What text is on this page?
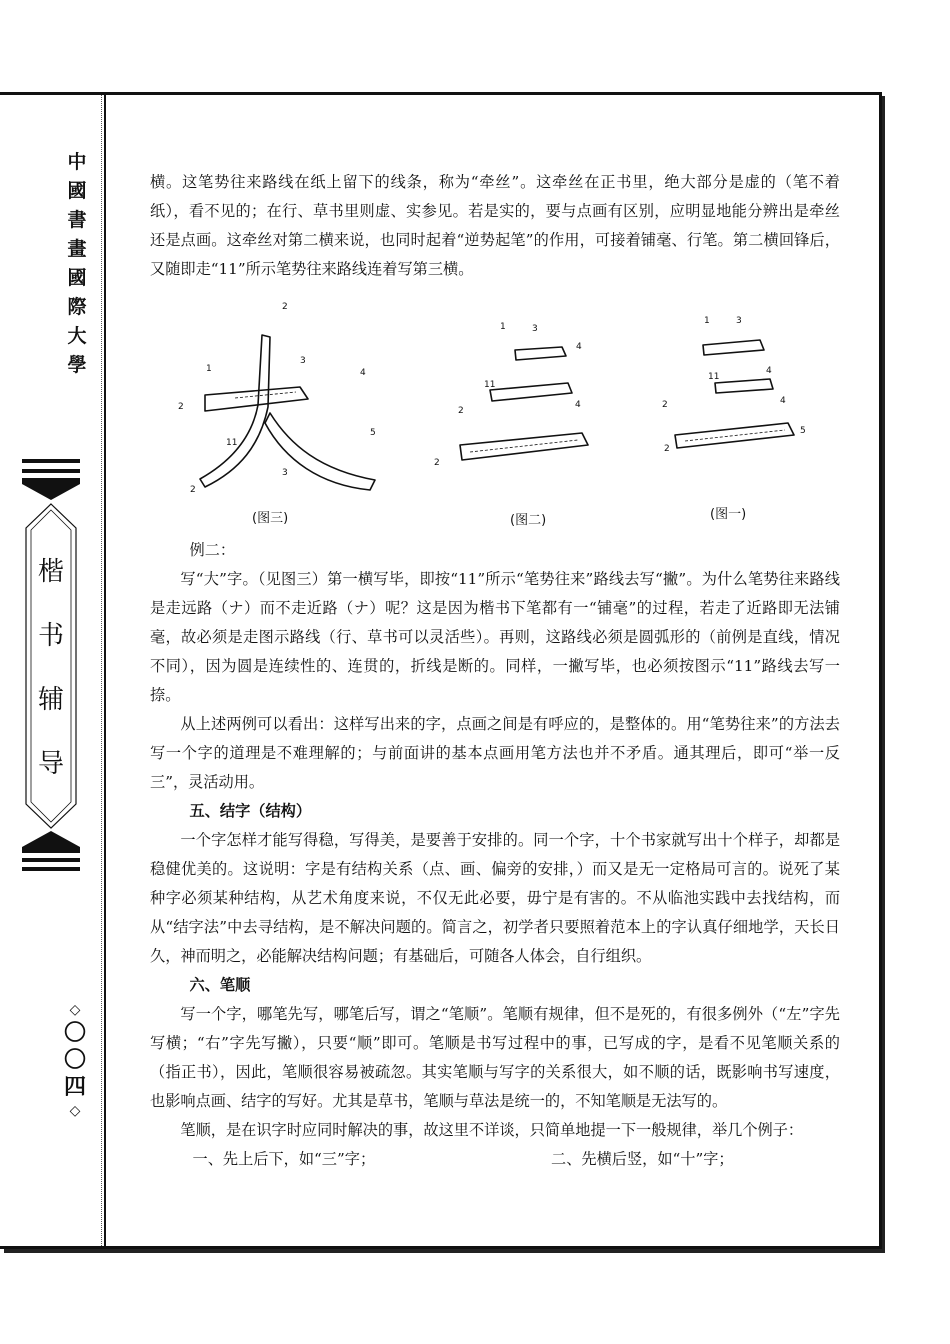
中
國
書
畫
國
際
大
學
楷
书
辅
导
◇
〇
〇
四
◇

横。这笔势往来路线在纸上留下的线条，称为“牵丝”。这牵丝在正书里，绝大部分是虚的（笔不着纸），看不见的；在行、草书里则虚、实参见。若是实的，要与点画有区别，应明显地能分辨出是牵丝还是点画。这牵丝对第二横来说，也同时起着“逆势起笔”的作用，可接着铺毫、行笔。第二横回锋后，又随即走“11”所示笔势往来路线连着写第三横。

2
1
2
3
4
5
11
2
3
1	3
4
11
2
4
2
1	3
4
11
2	4
5
2
(图三)	(图二)	(图一)

例二：

写“大”字。（见图三）第一横写毕，即按“11”所示“笔势往来”路线去写“撇”。为什么笔势往来路线是走远路（ナ）而不走近路（ナ）呢？这是因为楷书下笔都有一“铺毫”的过程，若走了近路即无法铺毫，故必须是走图示路线（行、草书可以灵活些）。再则，这路线必须是圆弧形的（前例是直线，情况不同），因为圆是连续性的、连贯的，折线是断的。同样，一撇写毕，也必须按图示“11”路线去写一捺。

从上述两例可以看出：这样写出来的字，点画之间是有呼应的，是整体的。用“笔势往来”的方法去写一个字的道理是不难理解的；与前面讲的基本点画用笔方法也并不矛盾。通其理后，即可“举一反三”，灵活动用。

五、结字（结构）

一个字怎样才能写得稳，写得美，是要善于安排的。同一个字，十个书家就写出十个样子，却都是稳健优美的。这说明：字是有结构关系（点、画、偏旁的安排，）而又是无一定格局可言的。说死了某种字必须某种结构，从艺术角度来说，不仅无此必要，毋宁是有害的。不从临池实践中去找结构，而从“结字法”中去寻结构，是不解决问题的。简言之，初学者只要照着范本上的字认真仔细地学，天长日久，神而明之，必能解决结构问题；有基础后，可随各人体会，自行组织。

六、笔顺

写一个字，哪笔先写，哪笔后写，谓之“笔顺”。笔顺有规律，但不是死的，有很多例外（“左”字先写横；“右”字先写撇），只要“顺”即可。笔顺是书写过程中的事，已写成的字，是看不见笔顺关系的（指正书），因此，笔顺很容易被疏忽。其实笔顺与写字的关系很大，如不顺的话，既影响书写速度，也影响点画、结字的写好。尤其是草书，笔顺与草法是统一的，不知笔顺是无法写的。

笔顺，是在识字时应同时解决的事，故这里不详谈，只简单地提一下一般规律，举几个例子：

一、先上后下，如“三”字；	二、先横后竖，如“十”字；
